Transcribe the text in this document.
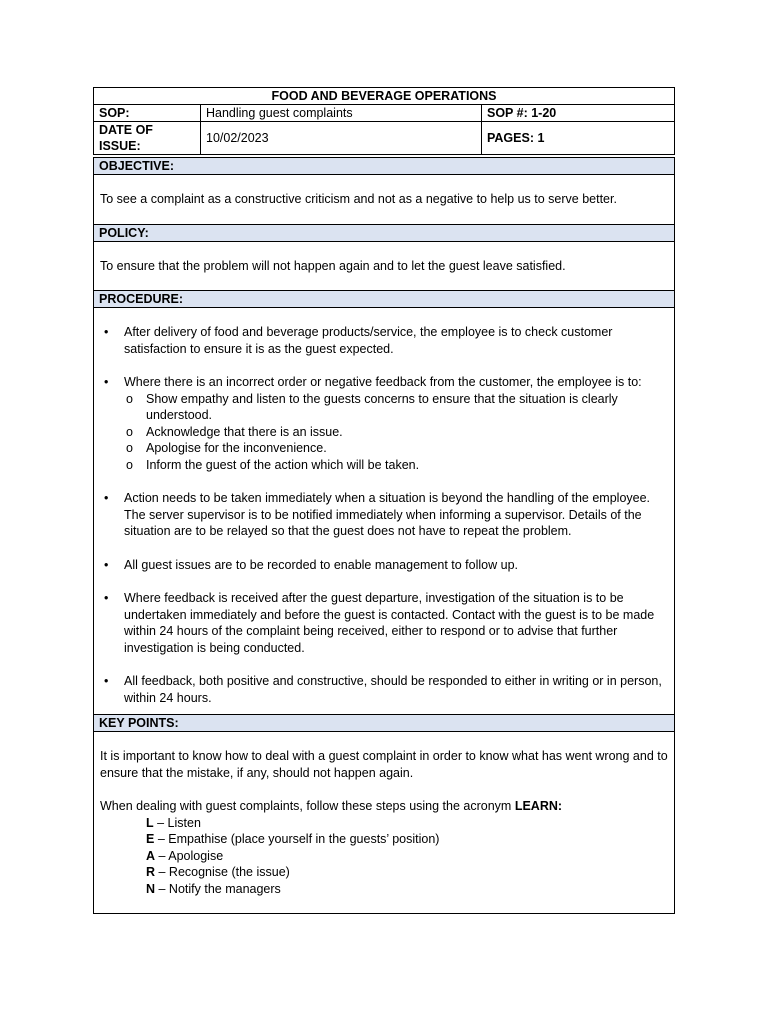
FOOD AND BEVERAGE OPERATIONS		
SOP:	Handling guest complaints	SOP #: 1-20
DATE OF ISSUE:	10/02/2023	PAGES: 1
OBJECTIVE:

To see a complaint as a constructive criticism and not as a negative to help us to serve better.

POLICY:

To ensure that the problem will not happen again and to let the guest leave satisfied.

PROCEDURE:
• After delivery of food and beverage products/service, the employee is to check customer satisfaction to ensure it is as the guest expected.
• Where there is an incorrect order or negative feedback from the customer, the employee is to:
o Show empathy and listen to the guests concerns to ensure that the situation is clearly understood.
o Acknowledge that there is an issue.
o Apologise for the inconvenience.
o Inform the guest of the action which will be taken.
• Action needs to be taken immediately when a situation is beyond the handling of the employee. The server supervisor is to be notified immediately when informing a supervisor. Details of the situation are to be relayed so that the guest does not have to repeat the problem.
• All guest issues are to be recorded to enable management to follow up.
• Where feedback is received after the guest departure, investigation of the situation is to be undertaken immediately and before the guest is contacted. Contact with the guest is to be made within 24 hours of the complaint being received, either to respond or to advise that further investigation is being conducted.
• All feedback, both positive and constructive, should be responded to either in writing or in person, within 24 hours.
KEY POINTS:

It is important to know how to deal with a guest complaint in order to know what has went wrong and to ensure that the mistake, if any, should not happen again.

When dealing with guest complaints, follow these steps using the acronym LEARN:

L – Listen
E – Empathise (place yourself in the guests’ position)
A – Apologise
R – Recognise (the issue)
N – Notify the managers
